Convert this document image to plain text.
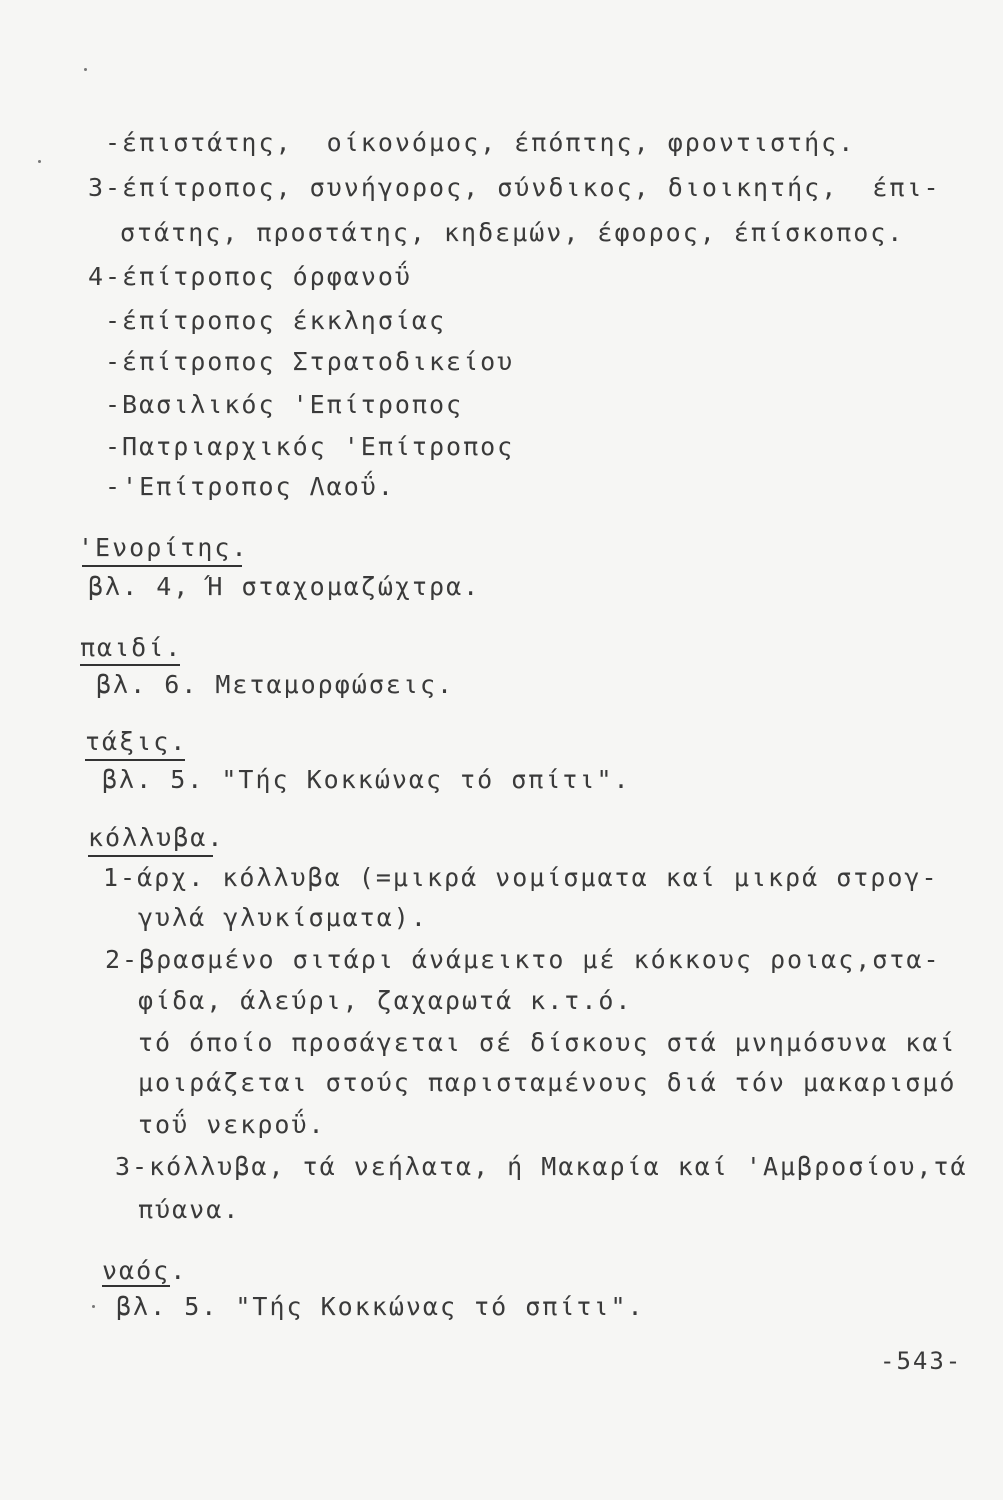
-έπιστάτης,  οίκονόμος, έπόπτης, φροντιστής.
3-έπίτροπος, συνήγορος, σύνδικος, διοικητής,  έπι-
στάτης, προστάτης, κηδεμών, έφορος, έπίσκοπος.
4-έπίτροπος όρφανοΰ
-έπίτροπος έκκλησίας
-έπίτροπος Στρατοδικείου
-Βασιλικός 'Επίτροπος
-Πατριαρχικός 'Επίτροπος
-'Επίτροπος Λαοΰ.
'Ενορίτης.
βλ. 4, Ή σταχομαζώχτρα.
παιδί.
βλ. 6. Μεταμορφώσεις.
τάξις.
βλ. 5. "Τής Κοκκώνας τό σπίτι".
κόλλυβα.
1-άρχ. κόλλυβα (=μικρά νομίσματα καί μικρά στρογ-
γυλά γλυκίσματα).
2-βρασμένο σιτάρι άνάμεικτο μέ κόκκους ροιας,στα-
φίδα, άλεύρι, ζαχαρωτά κ.τ.ό.
τό όποίο προσάγεται σέ δίσκους στά μνημόσυνα καί
μοιράζεται στούς παρισταμένους διά τόν μακαρισμό
τοΰ νεκροΰ.
3-κόλλυβα, τά νεήλατα, ή Μακαρία καί 'Αμβροσίου,τά
πύανα.
ναός.
βλ. 5. "Τής Κοκκώνας τό σπίτι".
-543-
